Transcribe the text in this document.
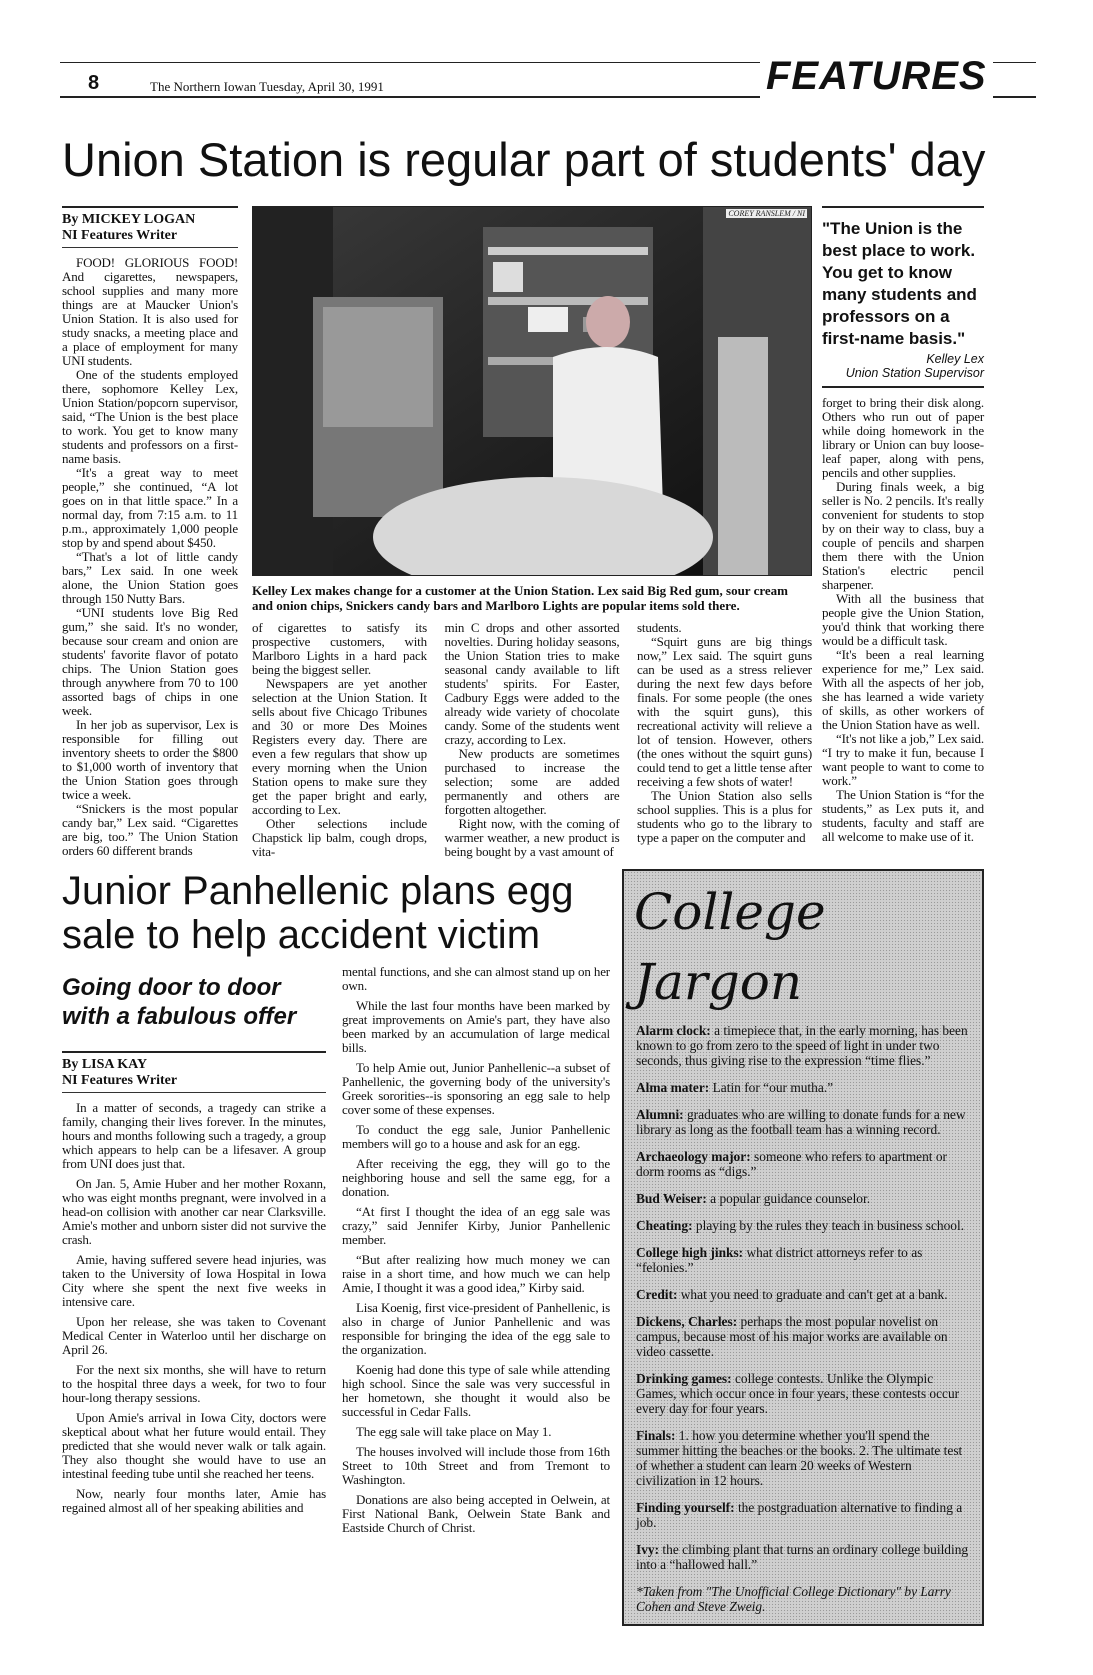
8	The Northern Iowan Tuesday, April 30, 1991	FEATURES
Union Station is regular part of students' day
By MICKEY LOGAN
NI Features Writer

FOOD! GLORIOUS FOOD! And cigarettes, newspapers, school supplies and many more things are at Maucker Union's Union Station. It is also used for study snacks, a meeting place and a place of employment for many UNI students.

One of the students employed there, sophomore Kelley Lex, Union Station/popcorn supervisor, said, “The Union is the best place to work. You get to know many students and professors on a first-name basis.

“It's a great way to meet people,” she continued, “A lot goes on in that little space.” In a normal day, from 7:15 a.m. to 11 p.m., approximately 1,000 people stop by and spend about $450.

“That's a lot of little candy bars,” Lex said. In one week alone, the Union Station goes through 150 Nutty Bars.

“UNI students love Big Red gum,” she said. It's no wonder, because sour cream and onion are students' favorite flavor of potato chips. The Union Station goes through anywhere from 70 to 100 assorted bags of chips in one week.

In her job as supervisor, Lex is responsible for filling out inventory sheets to order the $800 to $1,000 worth of inventory that the Union Station goes through twice a week.

“Snickers is the most popular candy bar,” Lex said. “Cigarettes are big, too.” The Union Station orders 60 different brands

COREY RANSLEM / NI
Kelley Lex makes change for a customer at the Union Station. Lex said Big Red gum, sour cream and onion chips, Snickers candy bars and Marlboro Lights are popular items sold there.

of cigarettes to satisfy its prospective customers, with Marlboro Lights in a hard pack being the biggest seller.

Newspapers are yet another selection at the Union Station. It sells about five Chicago Tribunes and 30 or more Des Moines Registers every day. There are even a few regulars that show up every morning when the Union Station opens to make sure they get the paper bright and early, according to Lex.

Other selections include Chapstick lip balm, cough drops, vita-

min C drops and other assorted novelties. During holiday seasons, the Union Station tries to make seasonal candy available to lift students' spirits. For Easter, Cadbury Eggs were added to the already wide variety of chocolate candy. Some of the students went crazy, according to Lex.

New products are sometimes purchased to increase the selection; some are added permanently and others are forgotten altogether.

Right now, with the coming of warmer weather, a new product is being bought by a vast amount of

students.

“Squirt guns are big things now,” Lex said. The squirt guns can be used as a stress reliever during the next few days before finals. For some people (the ones with the squirt guns), this recreational activity will relieve a lot of tension. However, others (the ones without the squirt guns) could tend to get a little tense after receiving a few shots of water!

The Union Station also sells school supplies. This is a plus for students who go to the library to type a paper on the computer and

"The Union is the best place to work. You get to know many students and professors on a first-name basis."
Kelley Lex
Union Station Supervisor

forget to bring their disk along. Others who run out of paper while doing homework in the library or Union can buy loose-leaf paper, along with pens, pencils and other supplies.

During finals week, a big seller is No. 2 pencils. It's really convenient for students to stop by on their way to class, buy a couple of pencils and sharpen them there with the Union Station's electric pencil sharpener.

With all the business that people give the Union Station, you'd think that working there would be a difficult task.

“It's been a real learning experience for me,” Lex said. With all the aspects of her job, she has learned a wide variety of skills, as other workers of the Union Station have as well.

“It's not like a job,” Lex said. “I try to make it fun, because I want people to want to come to work.”

The Union Station is “for the students,” as Lex puts it, and students, faculty and staff are all welcome to make use of it.

Junior Panhellenic plans egg sale to help accident victim
Going door to door with a fabulous offer
By LISA KAY
NI Features Writer

In a matter of seconds, a tragedy can strike a family, changing their lives forever. In the minutes, hours and months following such a tragedy, a group which appears to help can be a lifesaver. A group from UNI does just that.

On Jan. 5, Amie Huber and her mother Roxann, who was eight months pregnant, were involved in a head-on collision with another car near Clarksville. Amie's mother and unborn sister did not survive the crash.

Amie, having suffered severe head injuries, was taken to the University of Iowa Hospital in Iowa City where she spent the next five weeks in intensive care.

Upon her release, she was taken to Covenant Medical Center in Waterloo until her discharge on April 26.

For the next six months, she will have to return to the hospital three days a week, for two to four hour-long therapy sessions.

Upon Amie's arrival in Iowa City, doctors were skeptical about what her future would entail. They predicted that she would never walk or talk again. They also thought she would have to use an intestinal feeding tube until she reached her teens.

Now, nearly four months later, Amie has regained almost all of her speaking abilities and

mental functions, and she can almost stand up on her own.

While the last four months have been marked by great improvements on Amie's part, they have also been marked by an accumulation of large medical bills.

To help Amie out, Junior Panhellenic--a subset of Panhellenic, the governing body of the university's Greek sororities--is sponsoring an egg sale to help cover some of these expenses.

To conduct the egg sale, Junior Panhellenic members will go to a house and ask for an egg.

After receiving the egg, they will go to the neighboring house and sell the same egg, for a donation.

“At first I thought the idea of an egg sale was crazy,” said Jennifer Kirby, Junior Panhellenic member.

“But after realizing how much money we can raise in a short time, and how much we can help Amie, I thought it was a good idea,” Kirby said.

Lisa Koenig, first vice-president of Panhellenic, is also in charge of Junior Panhellenic and was responsible for bringing the idea of the egg sale to the organization.

Koenig had done this type of sale while attending high school. Since the sale was very successful in her hometown, she thought it would also be successful in Cedar Falls.

The egg sale will take place on May 1.

The houses involved will include those from 16th Street to 10th Street and from Tremont to Washington.

Donations are also being accepted in Oelwein, at First National Bank, Oelwein State Bank and Eastside Church of Christ.

College Jargon
Alarm clock: a timepiece that, in the early morning, has been known to go from zero to the speed of light in under two seconds, thus giving rise to the expression “time flies.”
Alma mater: Latin for “our mutha.”
Alumni: graduates who are willing to donate funds for a new library as long as the football team has a winning record.
Archaeology major: someone who refers to apartment or dorm rooms as “digs.”
Bud Weiser: a popular guidance counselor.
Cheating: playing by the rules they teach in business school.
College high jinks: what district attorneys refer to as “felonies.”
Credit: what you need to graduate and can't get at a bank.
Dickens, Charles: perhaps the most popular novelist on campus, because most of his major works are available on video cassette.
Drinking games: college contests. Unlike the Olympic Games, which occur once in four years, these contests occur every day for four years.
Finals: 1. how you determine whether you'll spend the summer hitting the beaches or the books. 2. The ultimate test of whether a student can learn 20 weeks of Western civilization in 12 hours.
Finding yourself: the postgraduation alternative to finding a job.
Ivy: the climbing plant that turns an ordinary college building into a “hallowed hall.”
*Taken from "The Unofficial College Dictionary" by Larry Cohen and Steve Zweig.
